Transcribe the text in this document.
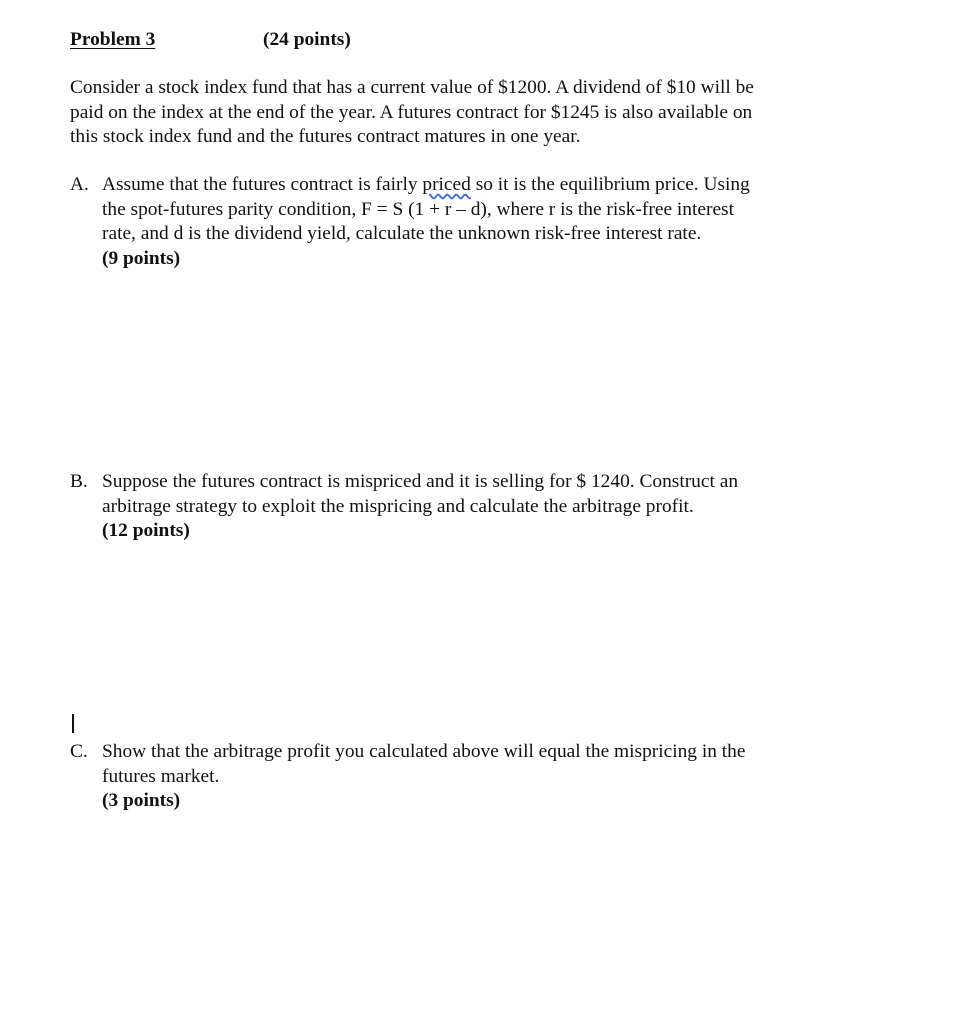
Problem 3	(24 points)
Consider a stock index fund that has a current value of $1200. A dividend of $10 will be
paid on the index at the end of the year. A futures contract for $1245 is also available on
this stock index fund and the futures contract matures in one year.
A. Assume that the futures contract is fairly priced so it is the equilibrium price. Using
the spot-futures parity condition, F = S (1 + r – d), where r is the risk-free interest
rate, and d is the dividend yield, calculate the unknown risk-free interest rate.
(9 points)
B. Suppose the futures contract is mispriced and it is selling for $ 1240. Construct an
arbitrage strategy to exploit the mispricing and calculate the arbitrage profit.
(12 points)
C. Show that the arbitrage profit you calculated above will equal the mispricing in the
futures market.
(3 points)
